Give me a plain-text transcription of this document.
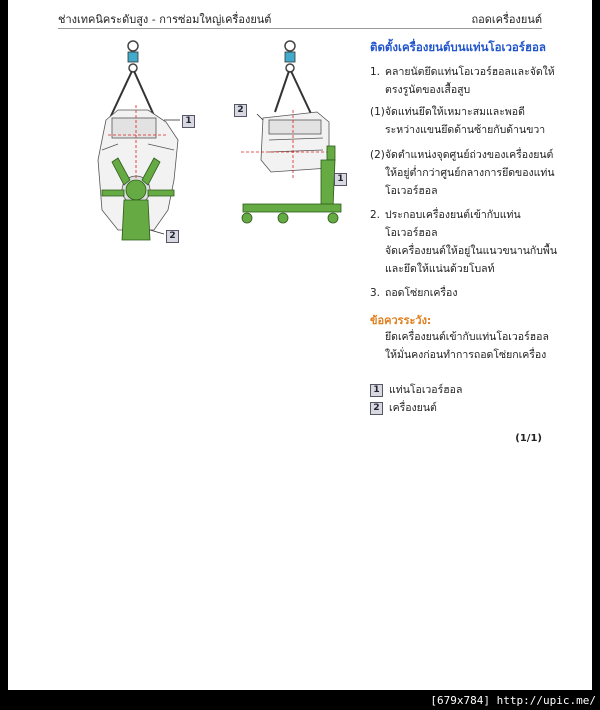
ช่างเทคนิคระดับสูง - การซ่อมใหญ่เครื่องยนต์	ถอดเครื่องยนต์
1
2
2
1
ติดตั้งเครื่องยนต์บนแท่นโอเวอร์ฮอล
1. คลายนัตยึดแท่นโอเวอร์ฮอลและจัดให้
ตรงรูนัตของเสื้อสูบ
(1)จัดแท่นยึดให้เหมาะสมและพอดี
ระหว่างแขนยึดด้านซ้ายกับด้านขวา
(2)จัดตำแหน่งจุดศูนย์ถ่วงของเครื่องยนต์
ให้อยู่ต่ำกว่าศูนย์กลางการยึดของแท่น
โอเวอร์ฮอล
2. ประกอบเครื่องยนต์เข้ากับแท่น
โอเวอร์ฮอล
จัดเครื่องยนต์ให้อยู่ในแนวขนานกับพื้น
และยึดให้แน่นด้วยโบลท์
3. ถอดโซ่ยกเครื่อง
ข้อควรระวัง:
ยึดเครื่องยนต์เข้ากับแท่นโอเวอร์ฮอล
ให้มั่นคงก่อนทำการถอดโซ่ยกเครื่อง
1 แท่นโอเวอร์ฮอล
2 เครื่องยนต์
(1/1)
[679x784] http://upic.me/
